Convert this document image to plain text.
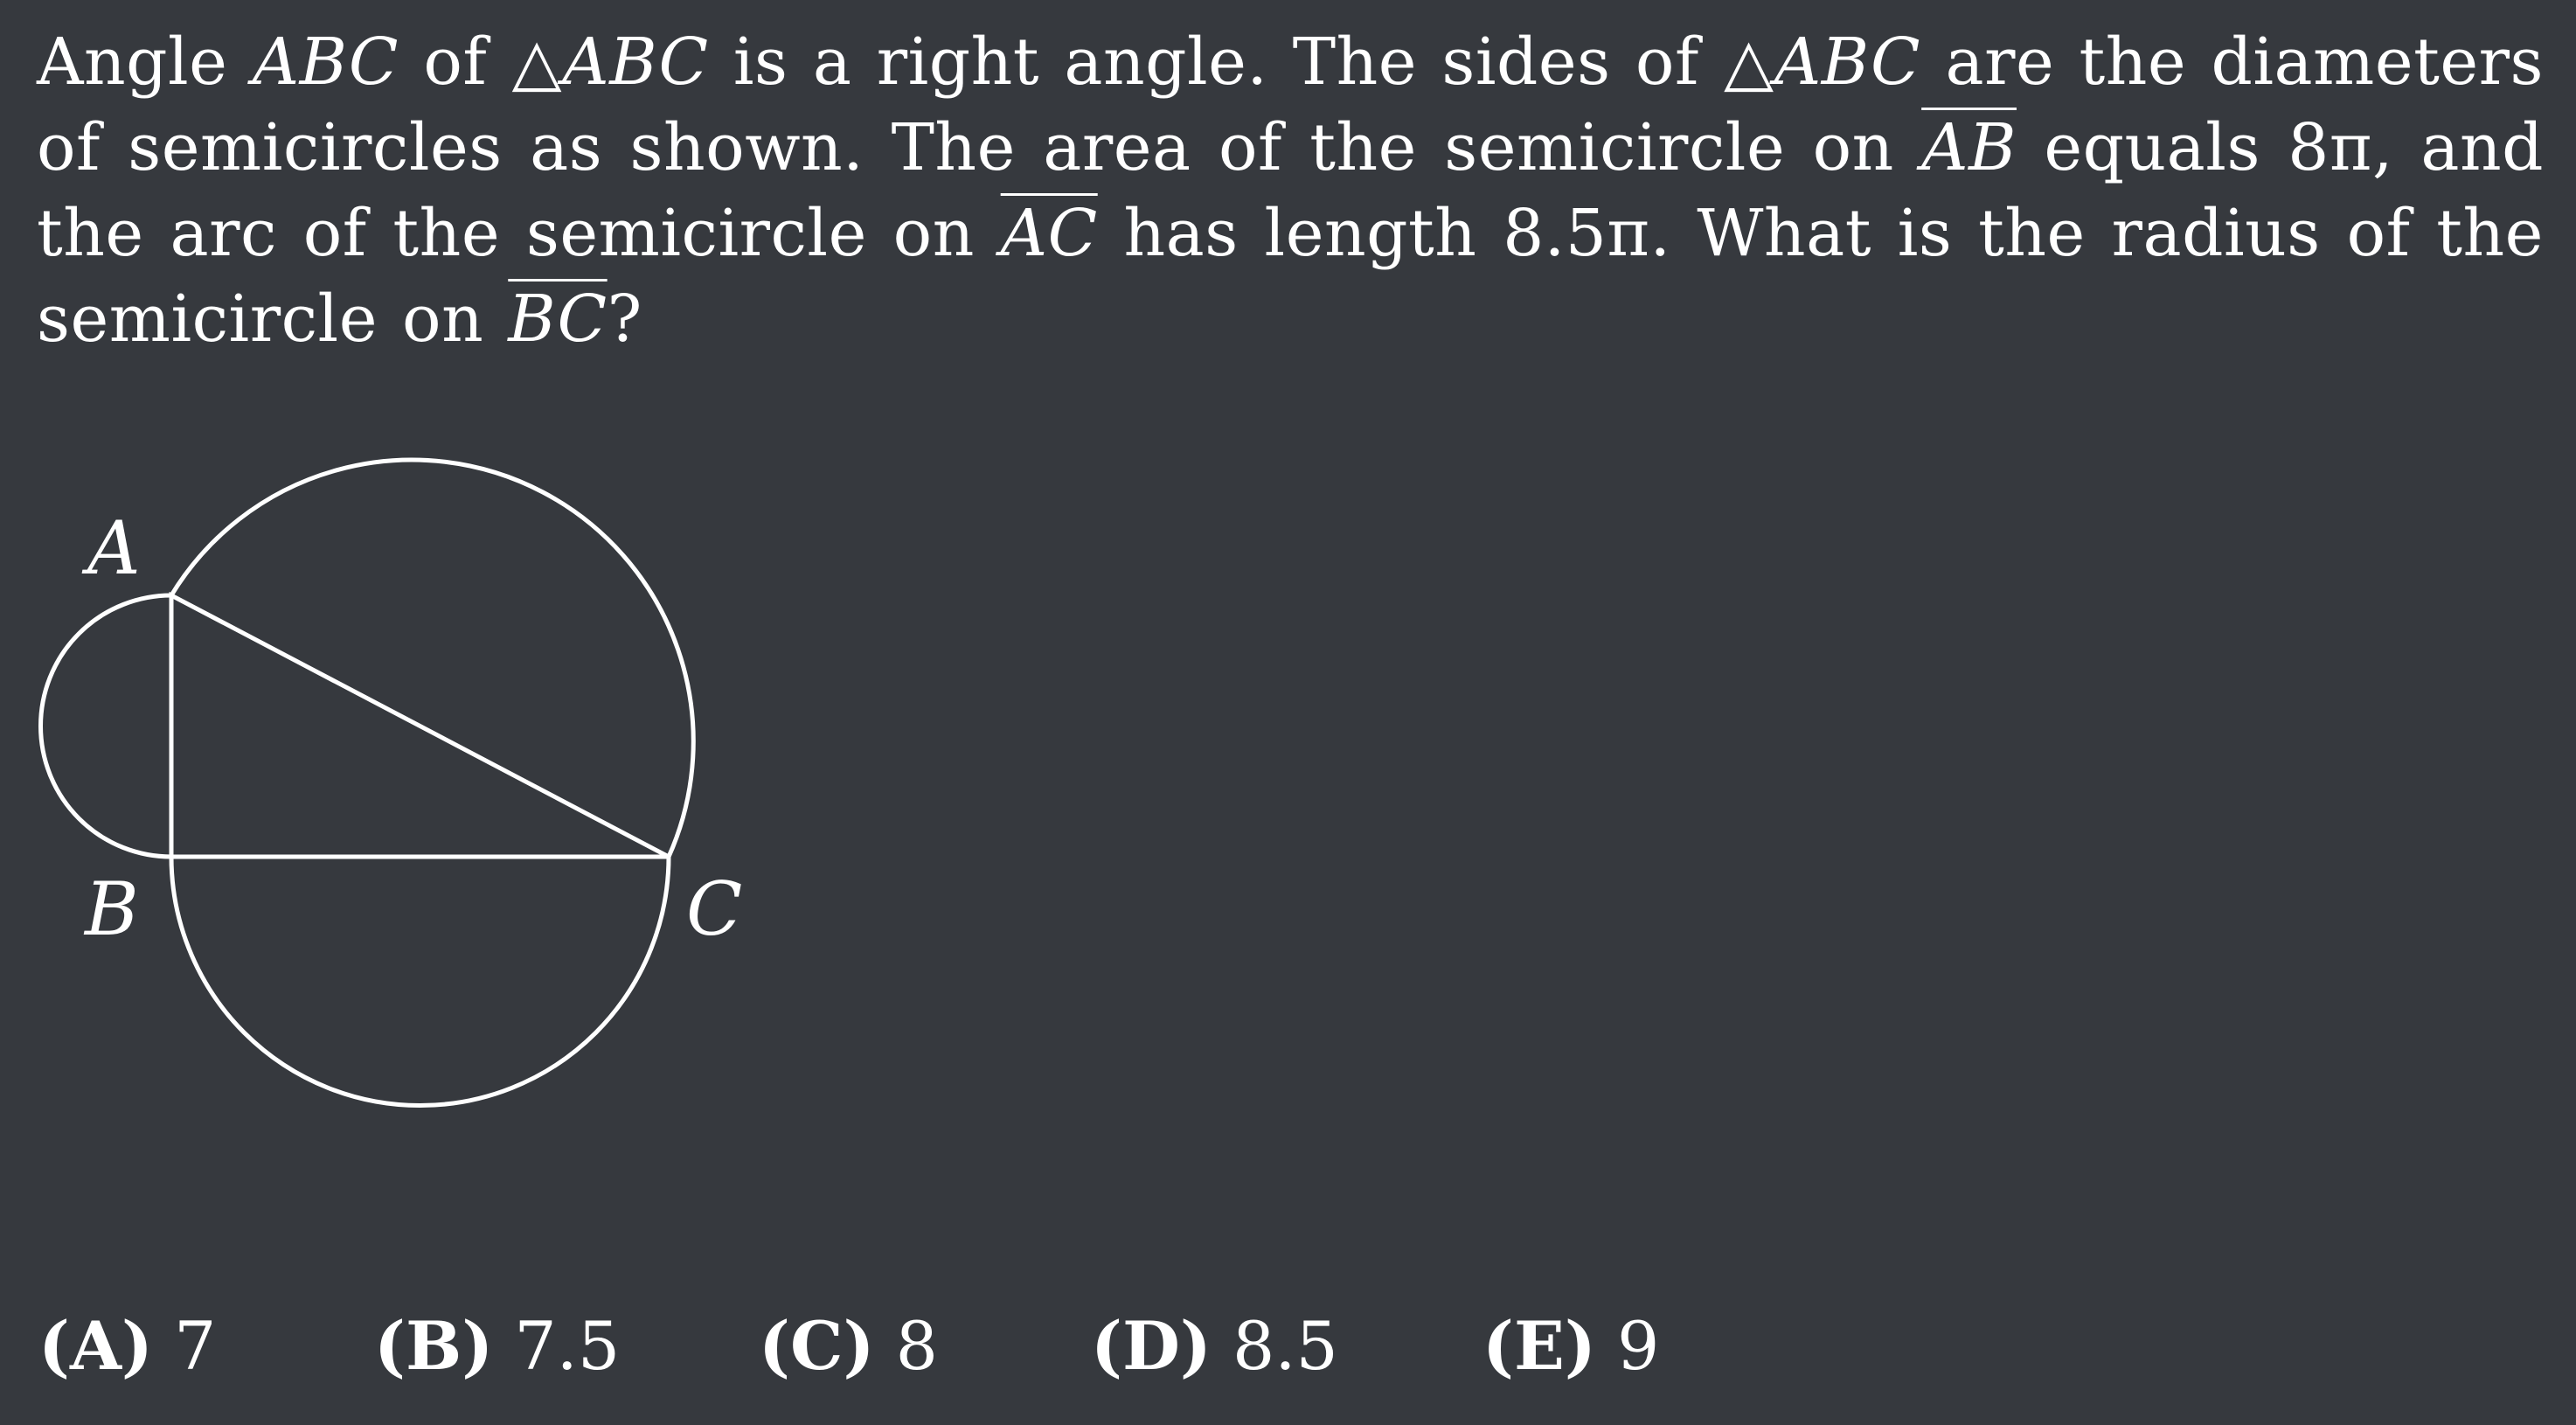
Angle ABC of △ABC is a right angle. The sides of △ABC are the diameters of semicircles as shown. The area of the semicircle on $\overline{AB}$ equals 8π, and the arc of the semicircle on $\overline{AC}$ has length 8.5π. What is the radius of the semicircle on $\overline{BC}$?
A
B	C
(A) 7 (B) 7.5 (C) 8 (D) 8.5 (E) 9
